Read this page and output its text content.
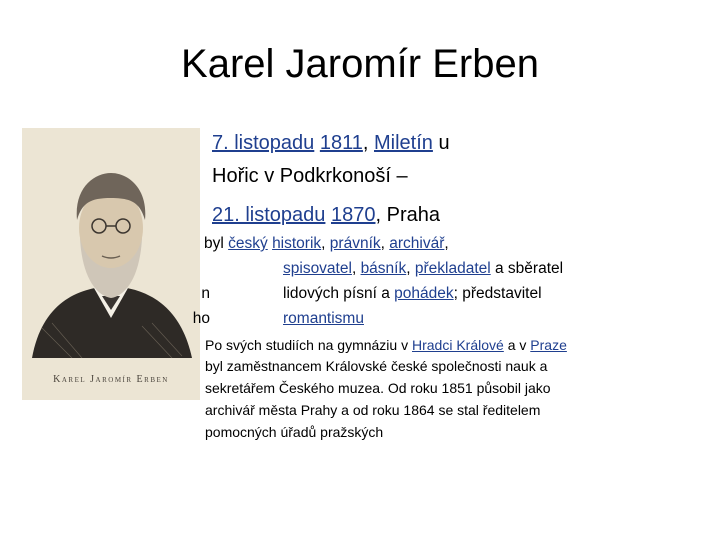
Karel Jaromír Erben
Karel Jaromír Erben
n
ho
7. listopadu 1811, Miletín u
Hořic v Podkrkonoší –
21. listopadu 1870, Praha
byl český historik, právník, archivář,
spisovatel, básník, překladatel a sběratel
lidových písní a pohádek; představitel
romantismu
Po svých studiích na gymnáziu v Hradci Králové a v Praze
byl zaměstnancem Královské české společnosti nauk a
sekretářem Českého muzea. Od roku 1851 působil jako
archivář města Prahy a od roku 1864 se stal ředitelem
pomocných úřadů pražských
